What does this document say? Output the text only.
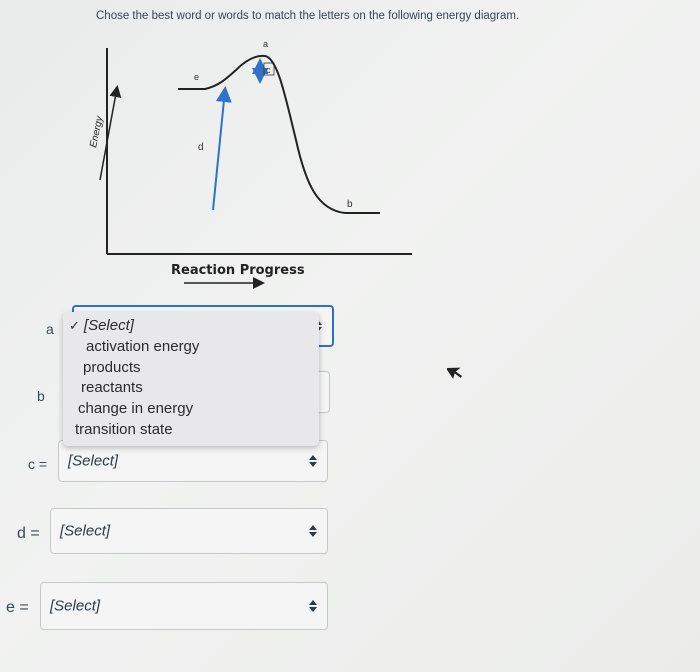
Chose the best word or words to match the letters on the following energy diagram.
Energy
a
c
e
d
b
Reaction Progress
a
b
c = [Select]
d = [Select]
e = [Select]
✓ [Select]
activation energy
products
reactants
change in energy
transition state
